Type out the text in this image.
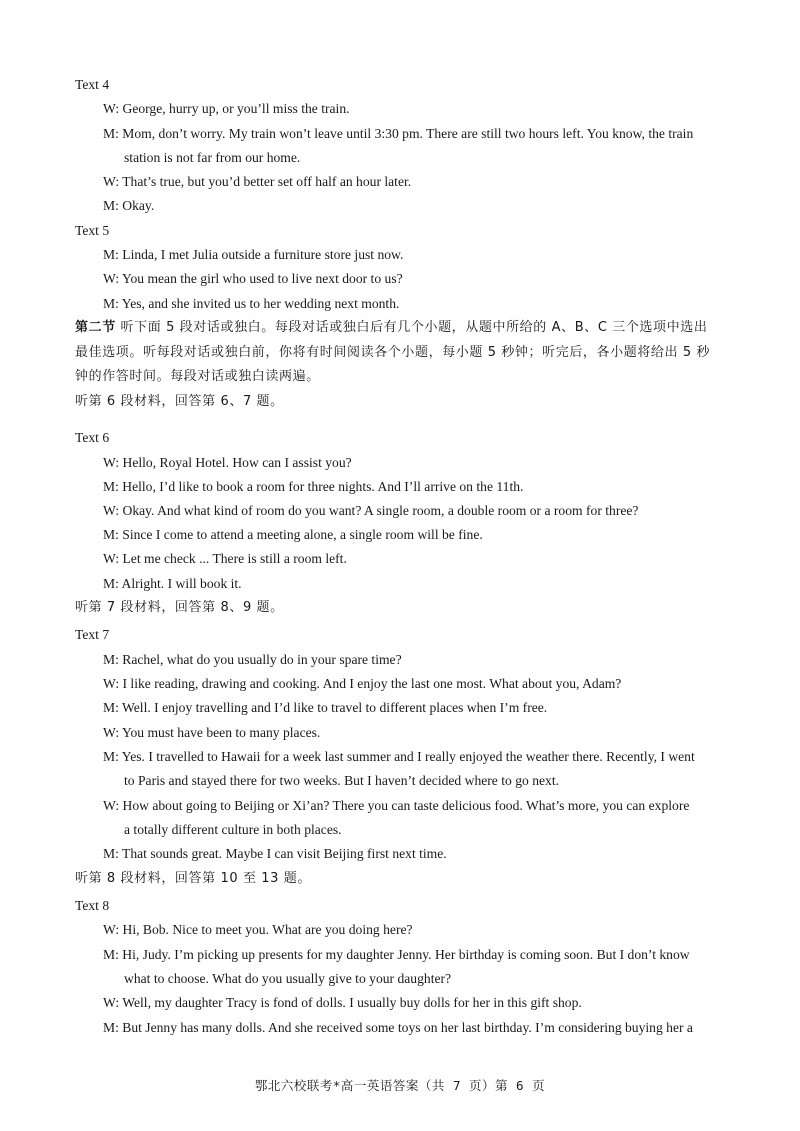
Text 4
W: George, hurry up, or you’ll miss the train.
M: Mom, don’t worry. My train won’t leave until 3:30 pm. There are still two hours left. You know, the train
station is not far from our home.
W: That’s true, but you’d better set off half an hour later.
M: Okay.
Text 5
M: Linda, I met Julia outside a furniture store just now.
W: You mean the girl who used to live next door to us?
M: Yes, and she invited us to her wedding next month.
第二节 听下面 5 段对话或独白。每段对话或独白后有几个小题，从题中所给的 A、B、C 三个选项中选出
最佳选项。听每段对话或独白前，你将有时间阅读各个小题，每小题 5 秒钟；听完后，各小题将给出 5 秒
钟的作答时间。每段对话或独白读两遍。
听第 6 段材料，回答第 6、7 题。
Text 6
W: Hello, Royal Hotel. How can I assist you?
M: Hello, I’d like to book a room for three nights. And I’ll arrive on the 11th.
W: Okay. And what kind of room do you want? A single room, a double room or a room for three?
M: Since I come to attend a meeting alone, a single room will be fine.
W: Let me check ... There is still a room left.
M: Alright. I will book it.
听第 7 段材料，回答第 8、9 题。
Text 7
M: Rachel, what do you usually do in your spare time?
W: I like reading, drawing and cooking. And I enjoy the last one most. What about you, Adam?
M: Well. I enjoy travelling and I’d like to travel to different places when I’m free.
W: You must have been to many places.
M: Yes. I travelled to Hawaii for a week last summer and I really enjoyed the weather there. Recently, I went
to Paris and stayed there for two weeks. But I haven’t decided where to go next.
W: How about going to Beijing or Xi’an? There you can taste delicious food. What’s more, you can explore
a totally different culture in both places.
M: That sounds great. Maybe I can visit Beijing first next time.
听第 8 段材料，回答第 10 至 13 题。
Text 8
W: Hi, Bob. Nice to meet you. What are you doing here?
M: Hi, Judy. I’m picking up presents for my daughter Jenny. Her birthday is coming soon. But I don’t know
what to choose. What do you usually give to your daughter?
W: Well, my daughter Tracy is fond of dolls. I usually buy dolls for her in this gift shop.
M: But Jenny has many dolls. And she received some toys on her last birthday. I’m considering buying her a
鄂北六校联考*高一英语答案（共 7 页）第 6 页
